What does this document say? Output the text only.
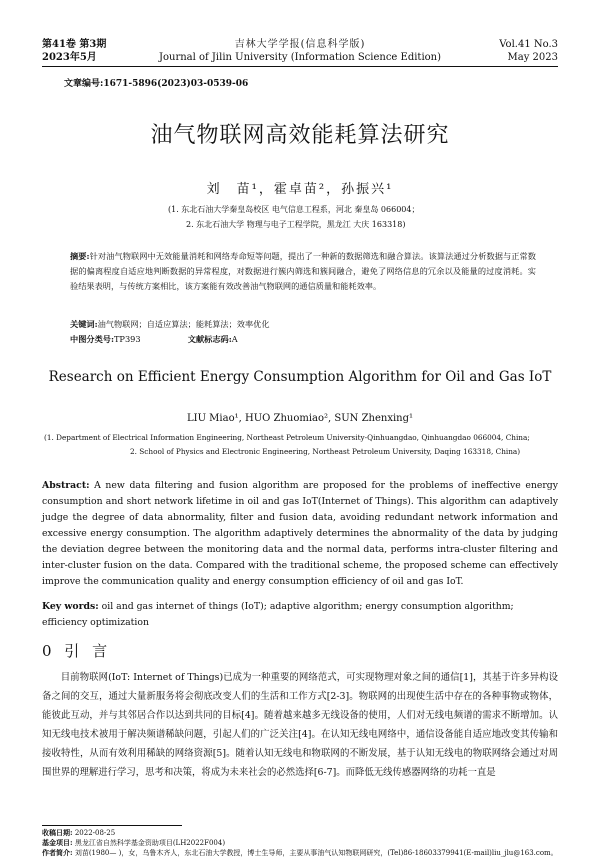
第41卷 第3期
2023年5月
吉林大学学报(信息科学版)
Journal of Jilin University (Information Science Edition)
Vol.41 No.3
May 2023
文章编号:1671-5896(2023)03-0539-06
油气物联网高效能耗算法研究
刘　苗¹，霍卓苗²，孙振兴¹
(1. 东北石油大学秦皇岛校区 电气信息工程系，河北 秦皇岛 066004；
2. 东北石油大学 物理与电子工程学院，黑龙江 大庆 163318)
摘要:针对油气物联网中无效能量消耗和网络寿命短等问题，提出了一种新的数据筛选和融合算法。该算法通过分析数据与正常数据的偏离程度自适应地判断数据的异常程度，对数据进行簇内筛选和簇间融合，避免了网络信息的冗余以及能量的过度消耗。实验结果表明，与传统方案相比，该方案能有效改善油气物联网的通信质量和能耗效率。
关键词:油气物联网；自适应算法；能耗算法；效率优化
中图分类号:TP393	文献标志码:A
Research on Efficient Energy Consumption Algorithm for Oil and Gas IoT
LIU Miao¹, HUO Zhuomiao², SUN Zhenxing¹
(1. Department of Electrical Information Engineering, Northeast Petroleum University-Qinhuangdao, Qinhuangdao 066004, China;
2. School of Physics and Electronic Engineering, Northeast Petroleum University, Daqing 163318, China)
Abstract: A new data filtering and fusion algorithm are proposed for the problems of ineffective energy consumption and short network lifetime in oil and gas IoT(Internet of Things). This algorithm can adaptively judge the degree of data abnormality, filter and fusion data, avoiding redundant network information and excessive energy consumption. The algorithm adaptively determines the abnormality of the data by judging the deviation degree between the monitoring data and the normal data, performs intra-cluster filtering and inter-cluster fusion on the data. Compared with the traditional scheme, the proposed scheme can effectively improve the communication quality and energy consumption efficiency of oil and gas IoT.
Key words: oil and gas internet of things (IoT); adaptive algorithm; energy consumption algorithm; efficiency optimization
0 引 言
目前物联网(IoT: Internet of Things)已成为一种重要的网络范式，可实现物理对象之间的通信[1]，其基于许多异构设备之间的交互，通过大量新服务将会彻底改变人们的生活和工作方式[2-3]。物联网的出现使生活中存在的各种事物或物体，能彼此互动，并与其邻居合作以达到共同的目标[4]。随着越来越多无线设备的使用，人们对无线电频谱的需求不断增加。认知无线电技术被用于解决频谱稀缺问题，引起人们的广泛关注[4]。在认知无线电网络中，通信设备能自适应地改变其传输和接收特性，从而有效利用稀缺的网络资源[5]。随着认知无线电和物联网的不断发展，基于认知无线电的物联网络会通过对周围世界的理解进行学习，思考和决策，将成为未来社会的必然选择[6-7]。而降低无线传感器网络的功耗一直是
收稿日期: 2022-08-25
基金项目: 黑龙江省自然科学基金资助项目(LH2022F004)
作者简介: 刘苗(1980— )，女，乌鲁木齐人，东北石油大学教授，博士生导师，主要从事油气认知物联网研究，(Tel)86-18603379941(E-mail)liu_jlu@163.com。
